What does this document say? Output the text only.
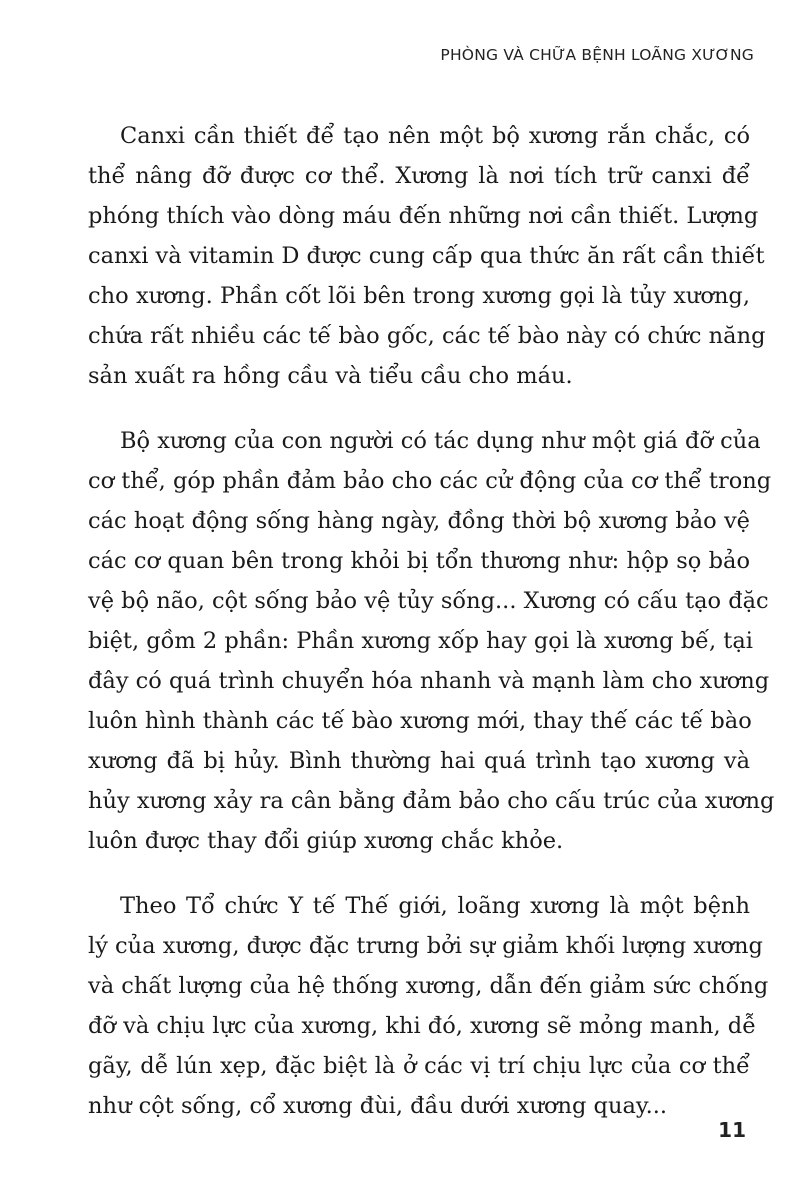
PHÒNG VÀ CHỮA BỆNH LOÃNG XƯƠNG
Canxi cần thiết để tạo nên một bộ xương rắn chắc, có
thể nâng đỡ được cơ thể. Xương là nơi tích trữ canxi để
phóng thích vào dòng máu đến những nơi cần thiết. Lượng
canxi và vitamin D được cung cấp qua thức ăn rất cần thiết
cho xương. Phần cốt lõi bên trong xương gọi là tủy xương,
chứa rất nhiều các tế bào gốc, các tế bào này có chức năng
sản xuất ra hồng cầu và tiểu cầu cho máu.
Bộ xương của con người có tác dụng như một giá đỡ của
cơ thể, góp phần đảm bảo cho các cử động của cơ thể trong
các hoạt động sống hàng ngày, đồng thời bộ xương bảo vệ
các cơ quan bên trong khỏi bị tổn thương như: hộp sọ bảo
vệ bộ não, cột sống bảo vệ tủy sống... Xương có cấu tạo đặc
biệt, gồm 2 phần: Phần xương xốp hay gọi là xương bế, tại
đây có quá trình chuyển hóa nhanh và mạnh làm cho xương
luôn hình thành các tế bào xương mới, thay thế các tế bào
xương đã bị hủy. Bình thường hai quá trình tạo xương và
hủy xương xảy ra cân bằng đảm bảo cho cấu trúc của xương
luôn được thay đổi giúp xương chắc khỏe.
Theo Tổ chức Y tế Thế giới, loãng xương là một bệnh
lý của xương, được đặc trưng bởi sự giảm khối lượng xương
và chất lượng của hệ thống xương, dẫn đến giảm sức chống
đỡ và chịu lực của xương, khi đó, xương sẽ mỏng manh, dễ
gãy, dễ lún xẹp, đặc biệt là ở các vị trí chịu lực của cơ thể
như cột sống, cổ xương đùi, đầu dưới xương quay...
11
